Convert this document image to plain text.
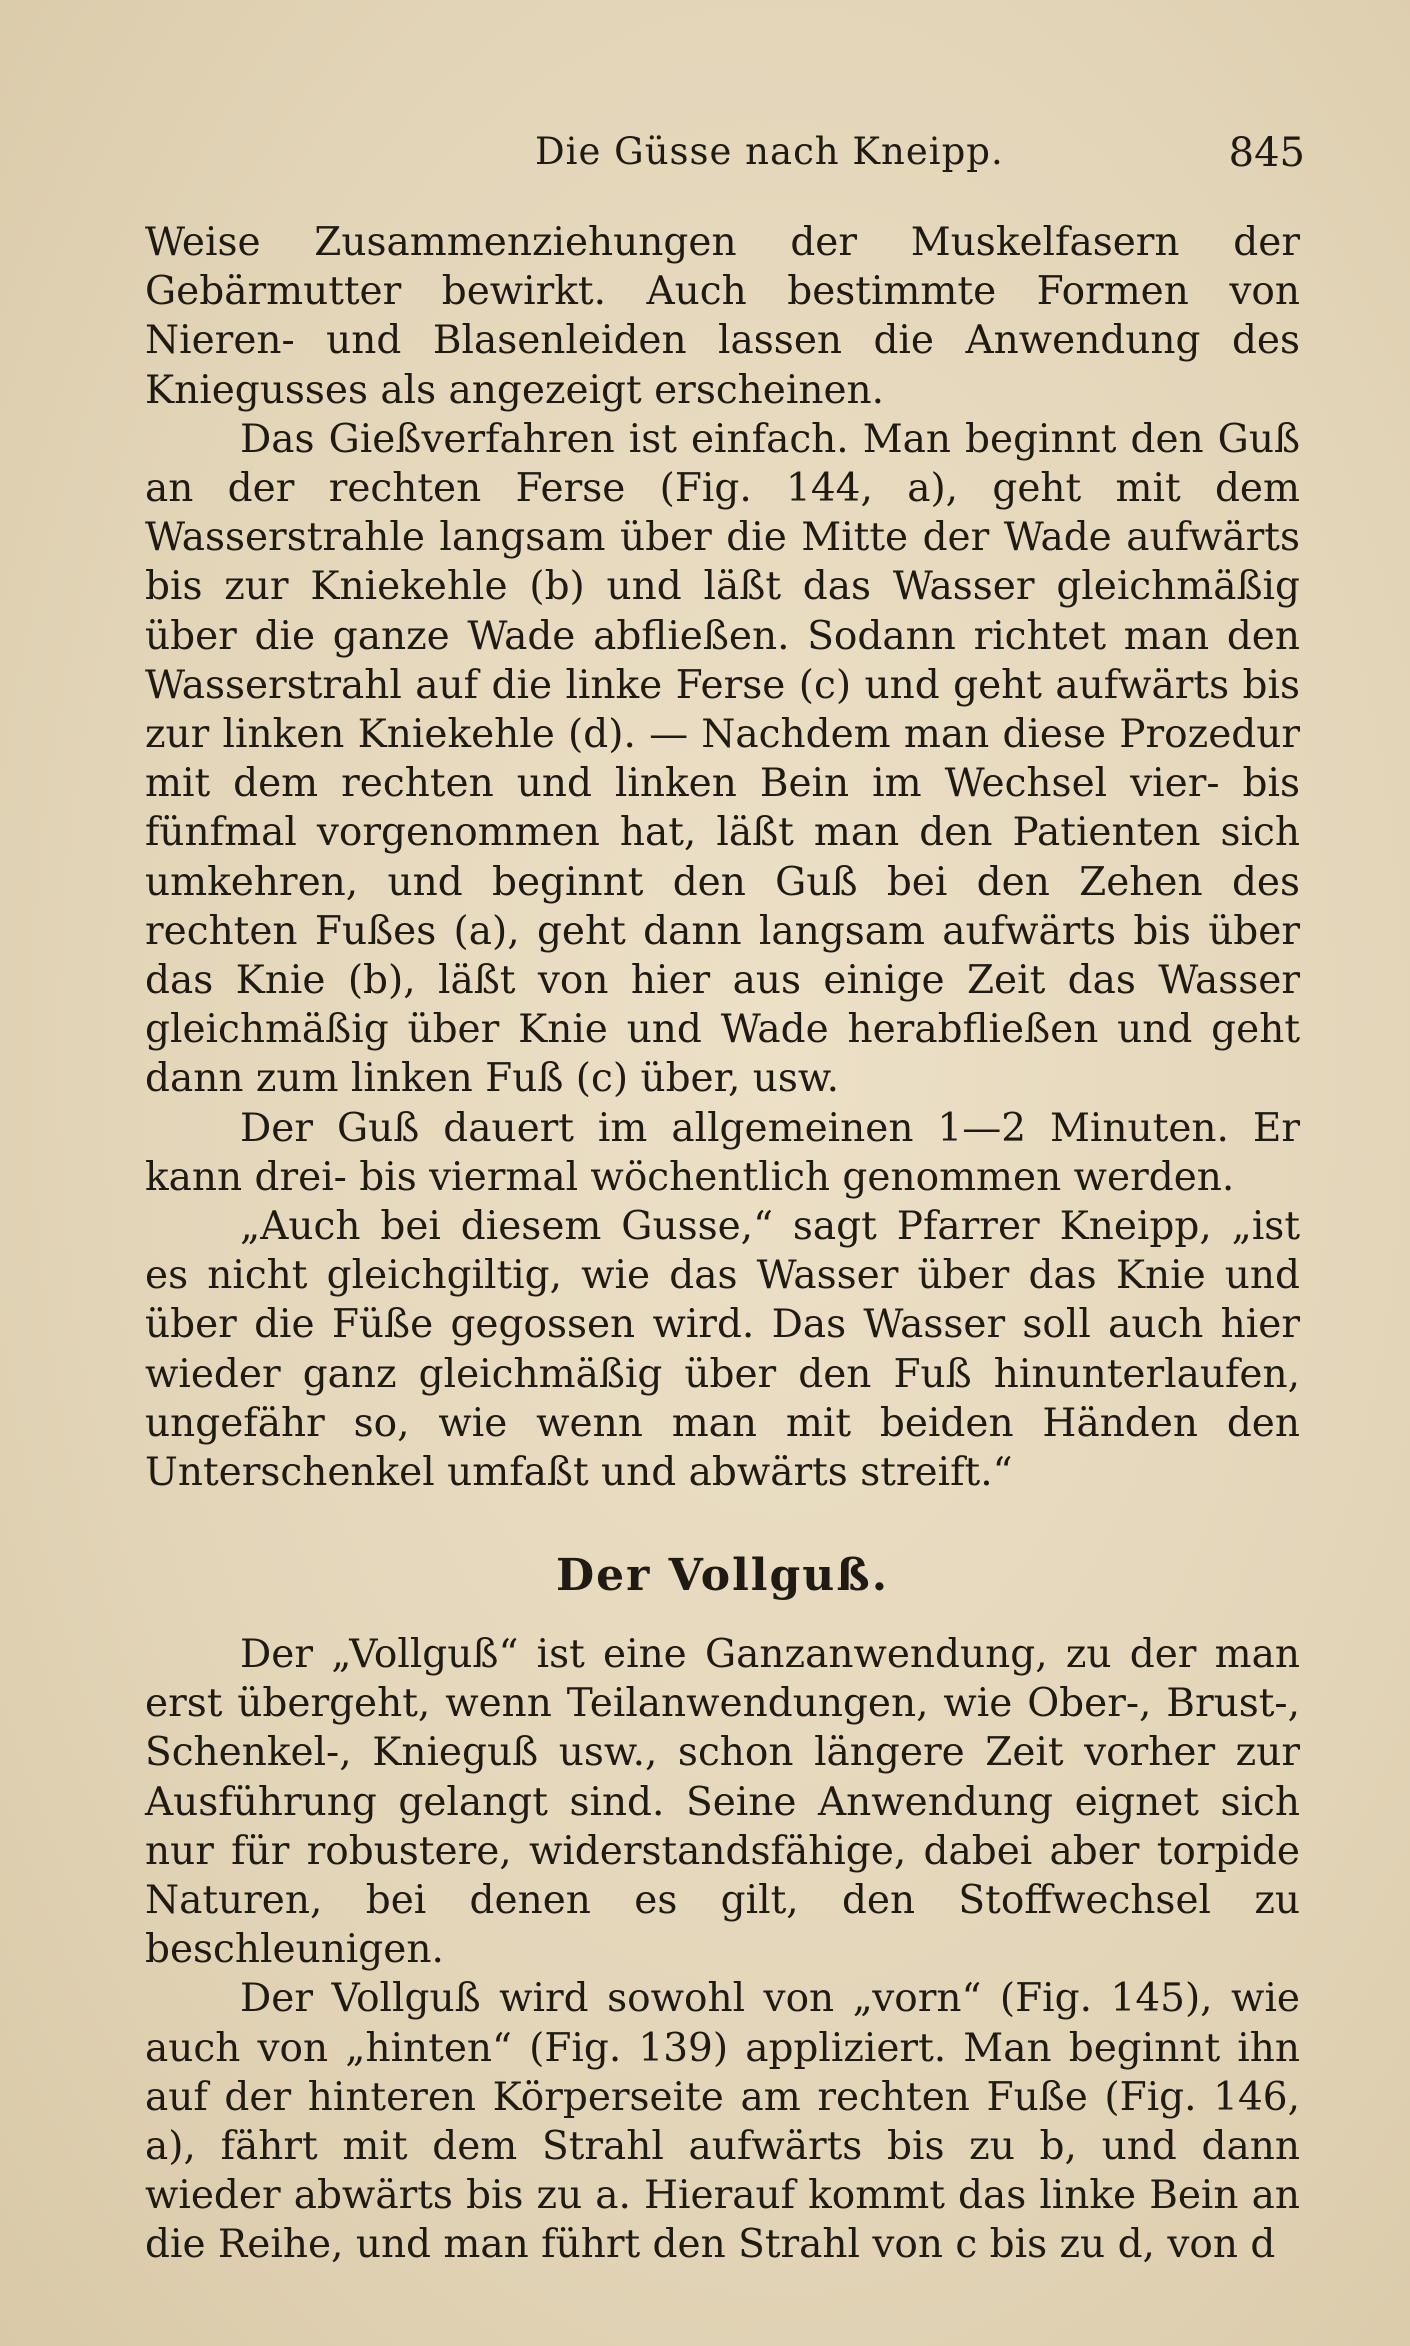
Die Güsse nach Kneipp.	845

Weise Zusammenziehungen der Muskelfasern der Gebärmutter bewirkt. Auch bestimmte Formen von Nieren- und Blasenleiden lassen die Anwendung des Kniegusses als angezeigt erscheinen.

Das Gießverfahren ist einfach. Man beginnt den Guß an der rechten Ferse (Fig. 144, a), geht mit dem Wasserstrahle langsam über die Mitte der Wade aufwärts bis zur Kniekehle (b) und läßt das Wasser gleichmäßig über die ganze Wade abfließen. Sodann richtet man den Wasserstrahl auf die linke Ferse (c) und geht aufwärts bis zur linken Kniekehle (d). — Nachdem man diese Prozedur mit dem rechten und linken Bein im Wechsel vier- bis fünfmal vorgenommen hat, läßt man den Patienten sich umkehren, und beginnt den Guß bei den Zehen des rechten Fußes (a), geht dann langsam aufwärts bis über das Knie (b), läßt von hier aus einige Zeit das Wasser gleichmäßig über Knie und Wade herabfließen und geht dann zum linken Fuß (c) über, usw.

Der Guß dauert im allgemeinen 1—2 Minuten. Er kann drei- bis viermal wöchentlich genommen werden.

„Auch bei diesem Gusse,“ sagt Pfarrer Kneipp, „ist es nicht gleichgiltig, wie das Wasser über das Knie und über die Füße gegossen wird. Das Wasser soll auch hier wieder ganz gleichmäßig über den Fuß hinunterlaufen, ungefähr so, wie wenn man mit beiden Händen den Unterschenkel umfaßt und abwärts streift.“

Der Vollguß.

Der „Vollguß“ ist eine Ganzanwendung, zu der man erst übergeht, wenn Teilanwendungen, wie Ober-, Brust-, Schenkel-, Knieguß usw., schon längere Zeit vorher zur Ausführung gelangt sind. Seine Anwendung eignet sich nur für robustere, widerstandsfähige, dabei aber torpide Naturen, bei denen es gilt, den Stoffwechsel zu beschleunigen.

Der Vollguß wird sowohl von „vorn“ (Fig. 145), wie auch von „hinten“ (Fig. 139) appliziert. Man beginnt ihn auf der hinteren Körperseite am rechten Fuße (Fig. 146, a), fährt mit dem Strahl aufwärts bis zu b, und dann wieder abwärts bis zu a. Hierauf kommt das linke Bein an die Reihe, und man führt den Strahl von c bis zu d, von d
